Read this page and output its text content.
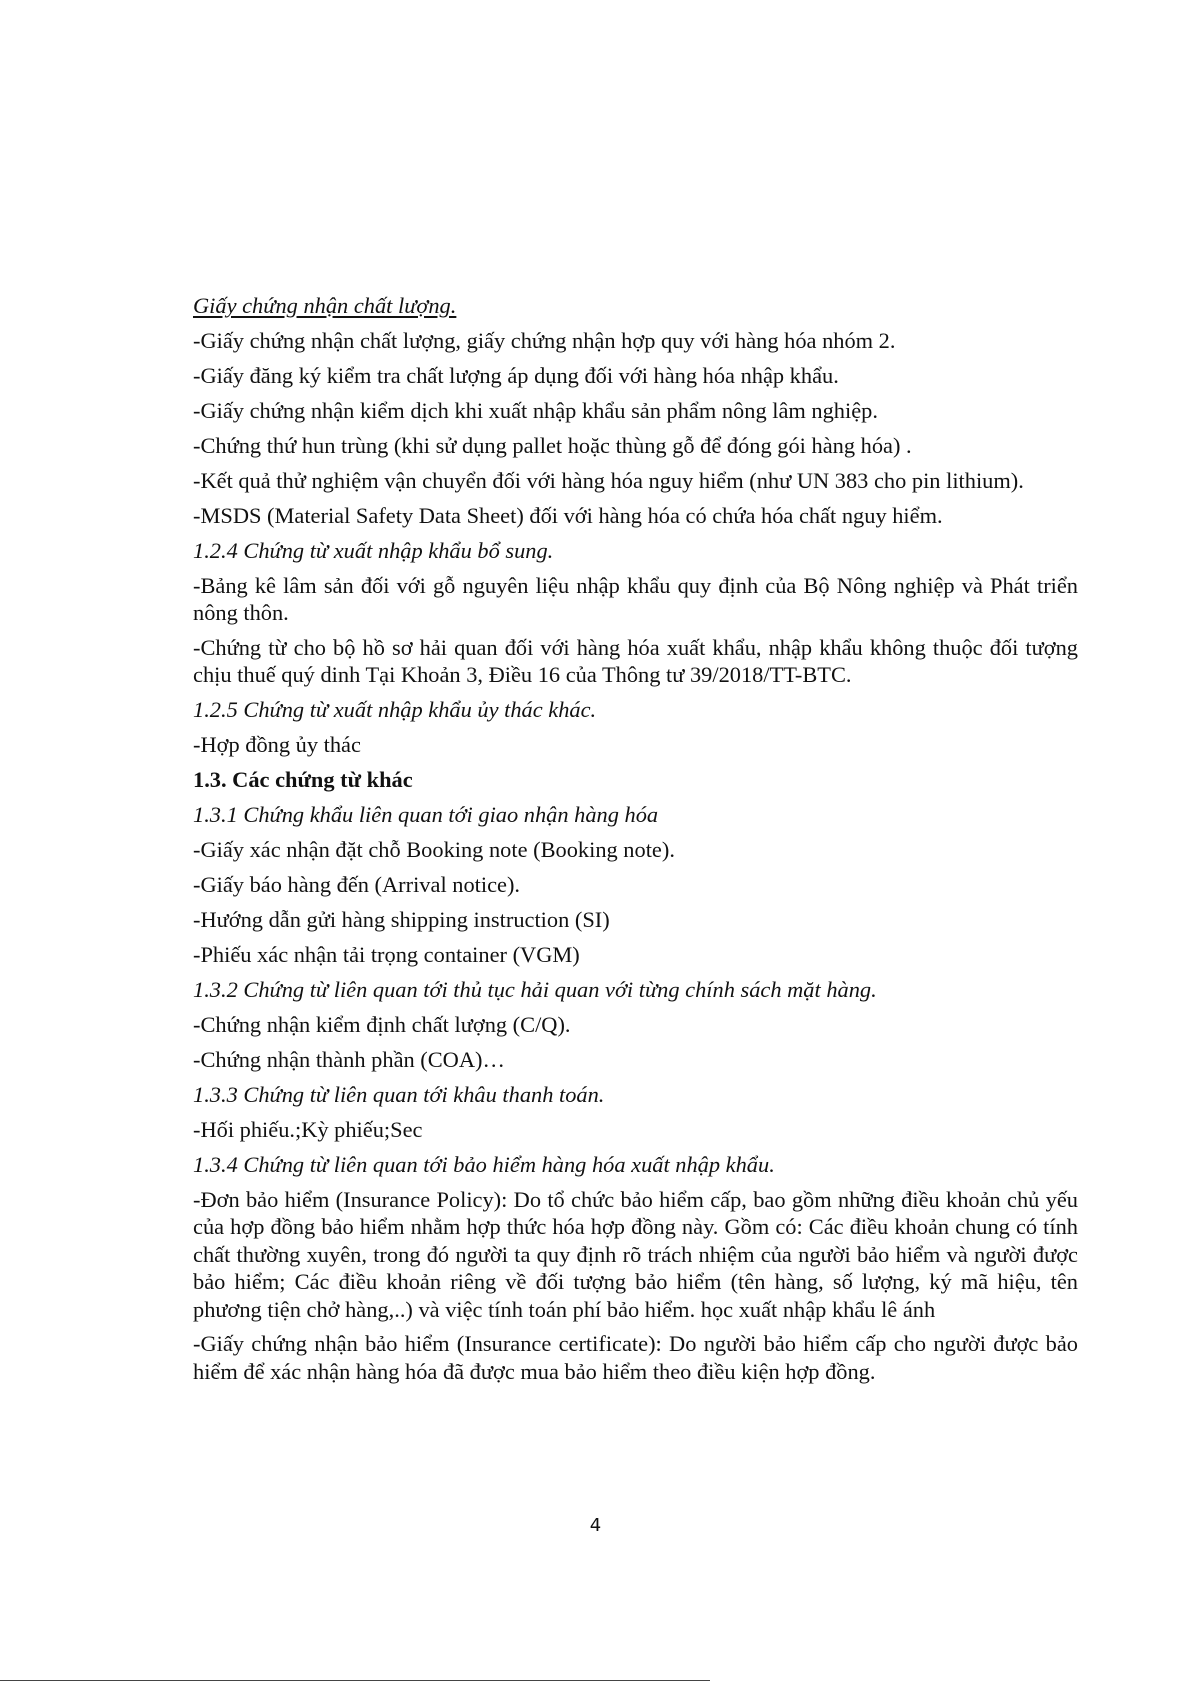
Giấy chứng nhận chất lượng.
-Giấy chứng nhận chất lượng, giấy chứng nhận hợp quy với hàng hóa nhóm 2.
-Giấy đăng ký kiểm tra chất lượng áp dụng đối với hàng hóa nhập khẩu.
-Giấy chứng nhận kiểm dịch khi xuất nhập khẩu sản phẩm nông lâm nghiệp.
-Chứng thứ hun trùng (khi sử dụng pallet hoặc thùng gỗ để đóng gói hàng hóa) .
-Kết quả thử nghiệm vận chuyển đối với hàng hóa nguy hiểm (như UN 383 cho pin lithium).
-MSDS (Material Safety Data Sheet) đối với hàng hóa có chứa hóa chất nguy hiểm.
1.2.4 Chứng từ xuất nhập khẩu bổ sung.
-Bảng kê lâm sản đối với gỗ nguyên liệu nhập khẩu quy định của Bộ Nông nghiệp và Phát triển nông thôn.
-Chứng từ cho bộ hồ sơ hải quan đối với hàng hóa xuất khẩu, nhập khẩu không thuộc đối tượng chịu thuế quý dinh Tại Khoản 3, Điều 16 của Thông tư 39/2018/TT-BTC.
1.2.5 Chứng từ xuất nhập khẩu ủy thác khác.
-Hợp đồng ủy thác
1.3. Các chứng từ khác
1.3.1 Chứng khẩu liên quan tới giao nhận hàng hóa
-Giấy xác nhận đặt chỗ Booking note (Booking note).
-Giấy báo hàng đến (Arrival notice).
-Hướng dẫn gửi hàng shipping instruction (SI)
-Phiếu xác nhận tải trọng container (VGM)
1.3.2 Chứng từ liên quan tới thủ tục hải quan với từng chính sách mặt hàng.
-Chứng nhận kiểm định chất lượng (C/Q).
-Chứng nhận thành phần (COA)…
1.3.3 Chứng từ liên quan tới khâu thanh toán.
-Hối phiếu.;Kỳ phiếu;Sec
1.3.4 Chứng từ liên quan tới bảo hiểm hàng hóa xuất nhập khẩu.
-Đơn bảo hiểm (Insurance Policy): Do tổ chức bảo hiểm cấp, bao gồm những điều khoản chủ yếu của hợp đồng bảo hiểm nhằm hợp thức hóa hợp đồng này. Gồm có: Các điều khoản chung có tính chất thường xuyên, trong đó người ta quy định rõ trách nhiệm của người bảo hiểm và người được bảo hiểm; Các điều khoản riêng về đối tượng bảo hiểm (tên hàng, số lượng, ký mã hiệu, tên phương tiện chở hàng,..) và việc tính toán phí bảo hiểm. học xuất nhập khẩu lê ánh
-Giấy chứng nhận bảo hiểm (Insurance certificate): Do người bảo hiểm cấp cho người được bảo hiểm để xác nhận hàng hóa đã được mua bảo hiểm theo điều kiện hợp đồng.
4
